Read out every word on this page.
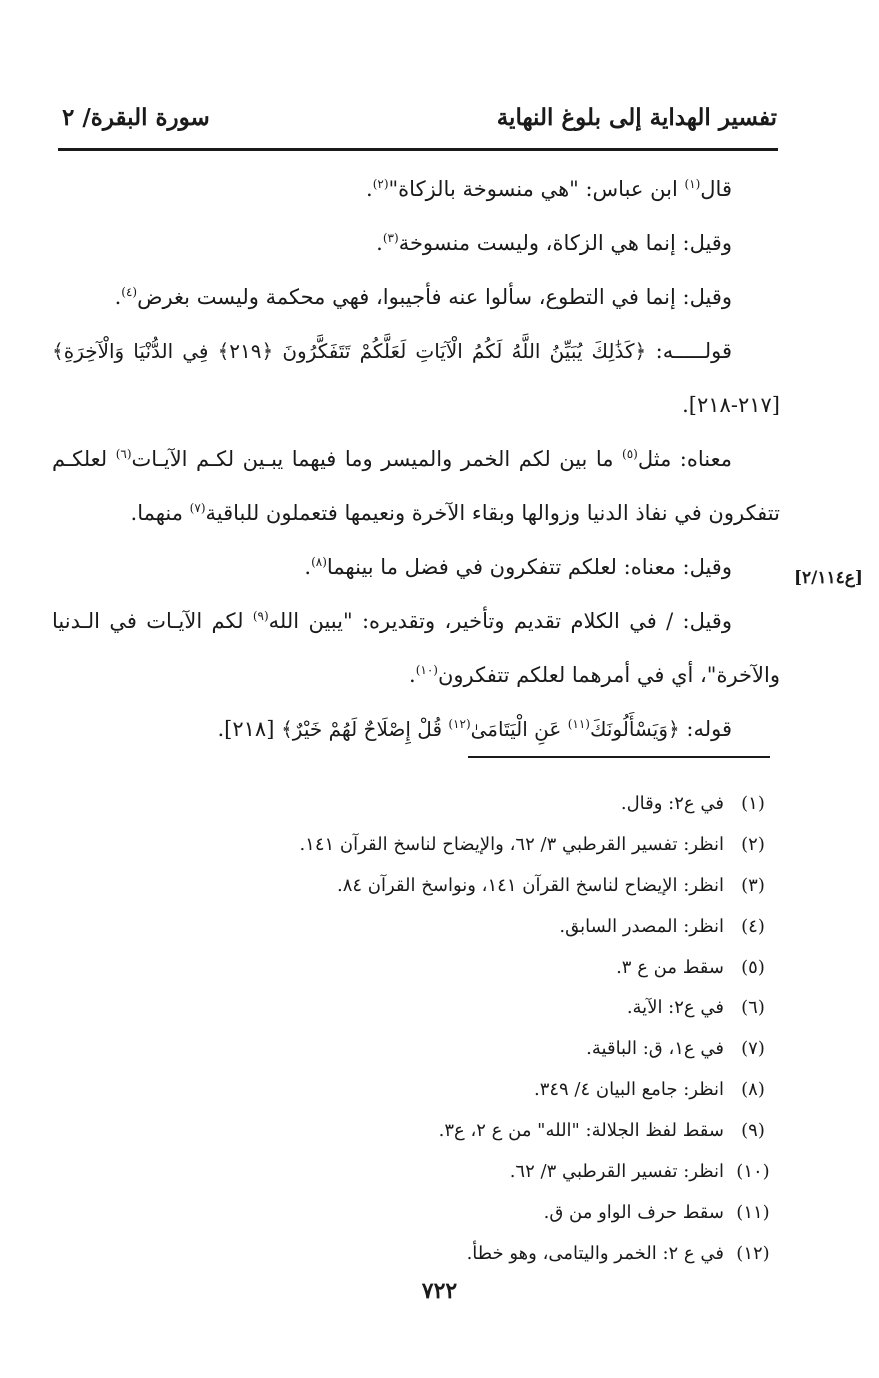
تفسير الهداية إلى بلوغ النهاية
سورة البقرة/ ٢

قال$^{(١)}$ ابن عباس: "هي منسوخة بالزكاة"$^{(٢)}$.

وقيل: إنما هي الزكاة، وليست منسوخة$^{(٣)}$.

وقيل: إنما في التطوع، سألوا عنه فأجيبوا، فهي محكمة وليست بغرض$^{(٤)}$.

قولـــــه: ﴿كَذَٰلِكَ يُبَيِّنُ اللَّهُ لَكُمُ الْآيَاتِ لَعَلَّكُمْ تَتَفَكَّرُونَ ﴿٢١٩﴾ فِي الدُّنْيَا وَالْآخِرَةِ﴾ [٢١٧-٢١٨].

معناه: مثل$^{(٥)}$ ما بين لكم الخمر والميسر وما فيهما يبـين لكـم الآيـات$^{(٦)}$ لعلكـم تتفكرون في نفاذ الدنيا وزوالها وبقاء الآخرة ونعيمها فتعملون للباقية$^{(٧)}$ منهما.

وقيل: معناه: لعلكم تتفكرون في فضل ما بينهما$^{(٨)}$.

وقيل: / في الكلام تقديم وتأخير، وتقديره: "يبين الله$^{(٩)}$ لكم الآيـات في الـدنيا والآخرة"، أي في أمرهما لعلكم تتفكرون$^{(١٠)}$.

قوله: ﴿وَيَسْأَلُونَكَ$^{(١١)}$ عَنِ الْيَتَامَىٰ$^{(١٢)}$ قُلْ إِصْلَاحٌ لَهُمْ خَيْرٌ﴾ [٢١٨].

[ع٢/١١٤]
(١)
في ع٢: وقال.
(٢)
انظر: تفسير القرطبي ٣/ ٦٢، والإيضاح لناسخ القرآن ١٤١.
(٣)
انظر: الإيضاح لناسخ القرآن ١٤١، ونواسخ القرآن ٨٤.
(٤)
انظر: المصدر السابق.
(٥)
سقط من ع ٣.
(٦)
في ع٢: الآية.
(٧)
في ع١، ق: الباقية.
(٨)
انظر: جامع البيان ٤/ ٣٤٩.
(٩)
سقط لفظ الجلالة: "الله" من ع ٢، ع٣.
(١٠)
انظر: تفسير القرطبي ٣/ ٦٢.
(١١)
سقط حرف الواو من ق.
(١٢)
في ع ٢: الخمر واليتامى، وهو خطأ.
٧٢٢
